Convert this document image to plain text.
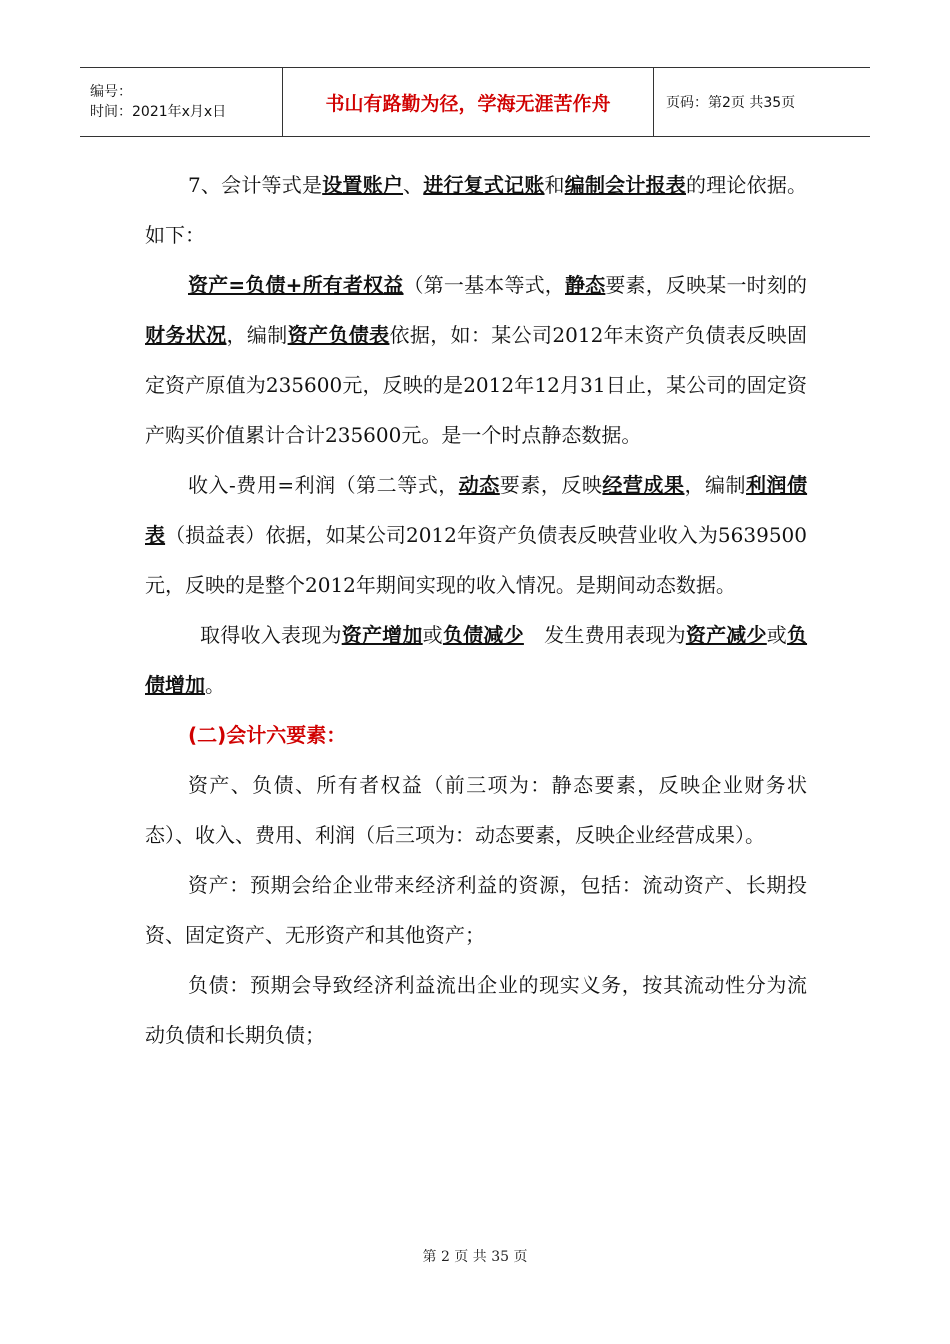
编号：
时间：2021年x月x日	书山有路勤为径，学海无涯苦作舟	页码：第2页 共35页

7、会计等式是设置账户、进行复式记账和编制会计报表的理论依据。如下：

资产=负债+所有者权益（第一基本等式，静态要素，反映某一时刻的财务状况，编制资产负债表依据，如：某公司2012年末资产负债表反映固定资产原值为235600元，反映的是2012年12月31日止，某公司的固定资产购买价值累计合计235600元。是一个时点静态数据。

收入-费用=利润（第二等式，动态要素，反映经营成果，编制利润债表（损益表）依据，如某公司2012年资产负债表反映营业收入为5639500元，反映的是整个2012年期间实现的收入情况。是期间动态数据。

取得收入表现为资产增加或负债减少　发生费用表现为资产减少或负债增加。

(二)会计六要素：

资产、负债、所有者权益（前三项为：静态要素，反映企业财务状态）、收入、费用、利润（后三项为：动态要素，反映企业经营成果）。

资产：预期会给企业带来经济利益的资源，包括：流动资产、长期投资、固定资产、无形资产和其他资产；

负债：预期会导致经济利益流出企业的现实义务，按其流动性分为流动负债和长期负债；

第 2 页 共 35 页
